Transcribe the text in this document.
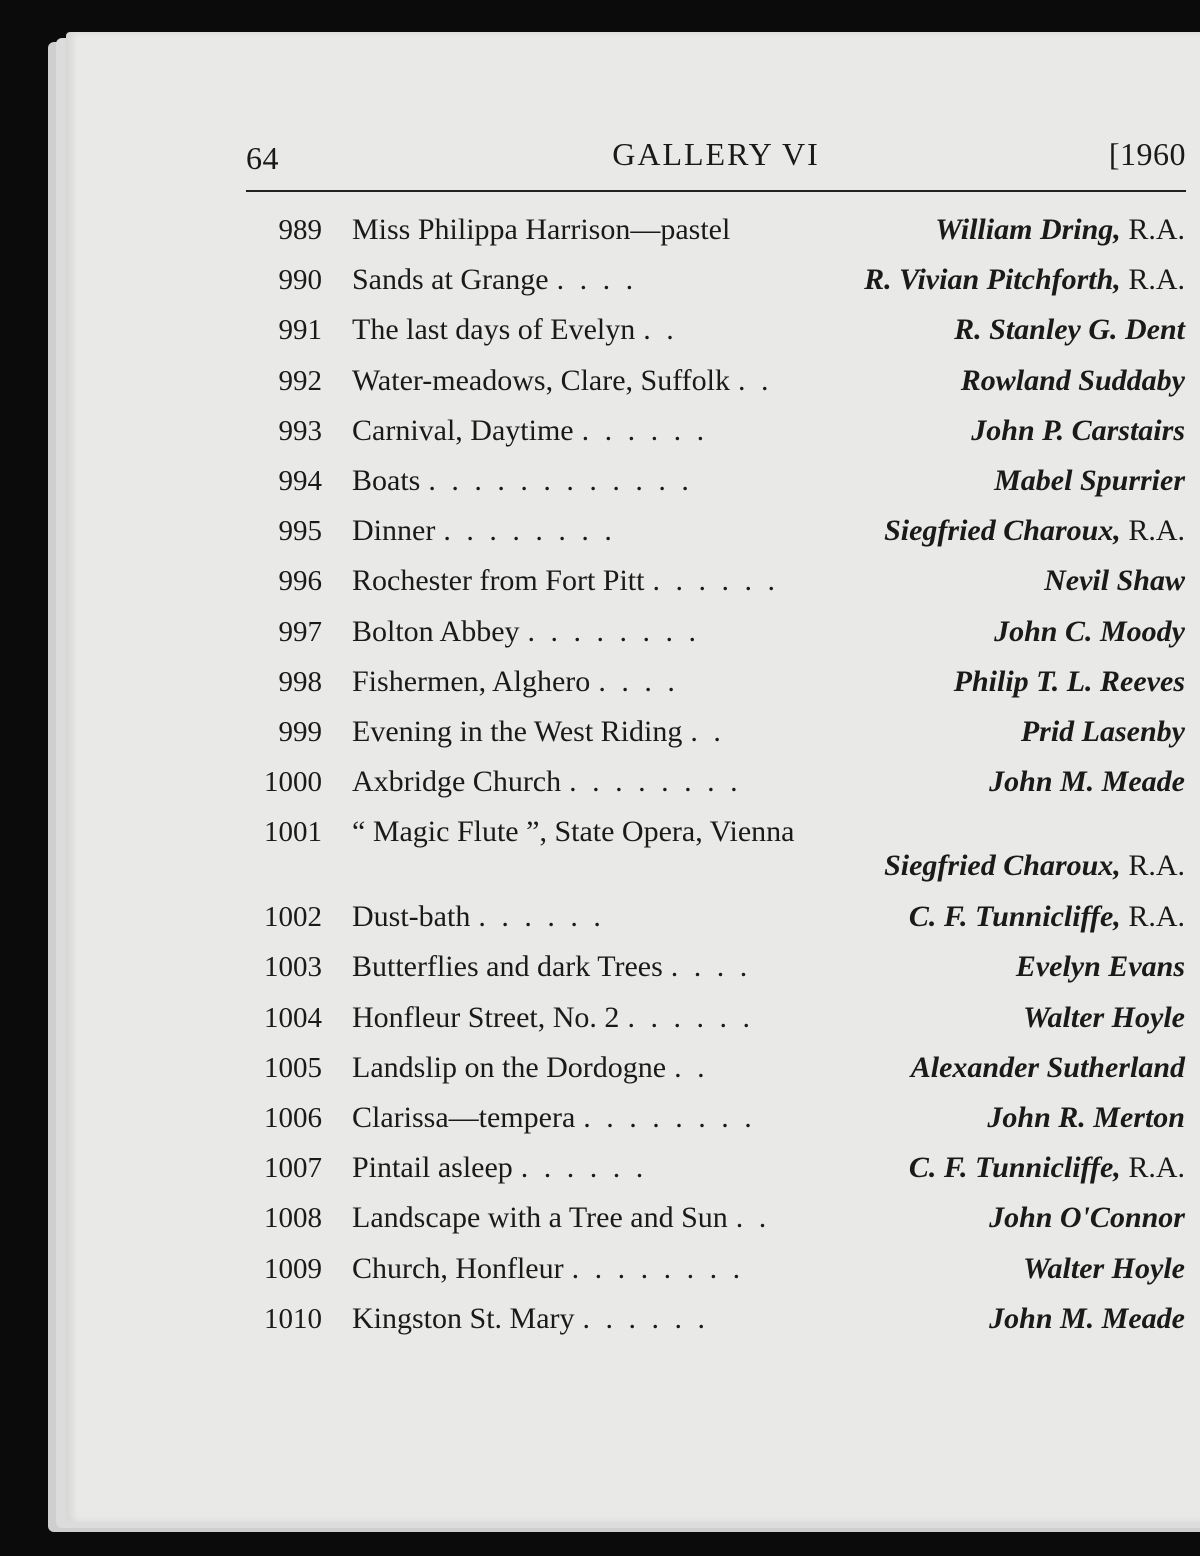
64	GALLERY VI	[1960
989 Miss Philippa Harrison—pastel	William Dring, R.A.
990 Sands at Grange . . . .	R. Vivian Pitchforth, R.A.
991 The last days of Evelyn . .	R. Stanley G. Dent
992 Water-meadows, Clare, Suffolk . .	Rowland Suddaby
993 Carnival, Daytime . . . . . .	John P. Carstairs
994 Boats . . . . . . . . . . . .	Mabel Spurrier
995 Dinner . . . . . . . .	Siegfried Charoux, R.A.
996 Rochester from Fort Pitt . . . . . .	Nevil Shaw
997 Bolton Abbey . . . . . . . .	John C. Moody
998 Fishermen, Alghero . . . .	Philip T. L. Reeves
999 Evening in the West Riding . .	Prid Lasenby
1000 Axbridge Church . . . . . . . .	John M. Meade
1001 “ Magic Flute ”, State Opera, Vienna
Siegfried Charoux, R.A.
1002 Dust-bath . . . . . .	C. F. Tunnicliffe, R.A.
1003 Butterflies and dark Trees . . . .	Evelyn Evans
1004 Honfleur Street, No. 2 . . . . . .	Walter Hoyle
1005 Landslip on the Dordogne . .	Alexander Sutherland
1006 Clarissa—tempera . . . . . . . .	John R. Merton
1007 Pintail asleep . . . . . .	C. F. Tunnicliffe, R.A.
1008 Landscape with a Tree and Sun . .	John O'Connor
1009 Church, Honfleur . . . . . . . .	Walter Hoyle
1010 Kingston St. Mary . . . . . .	John M. Meade
